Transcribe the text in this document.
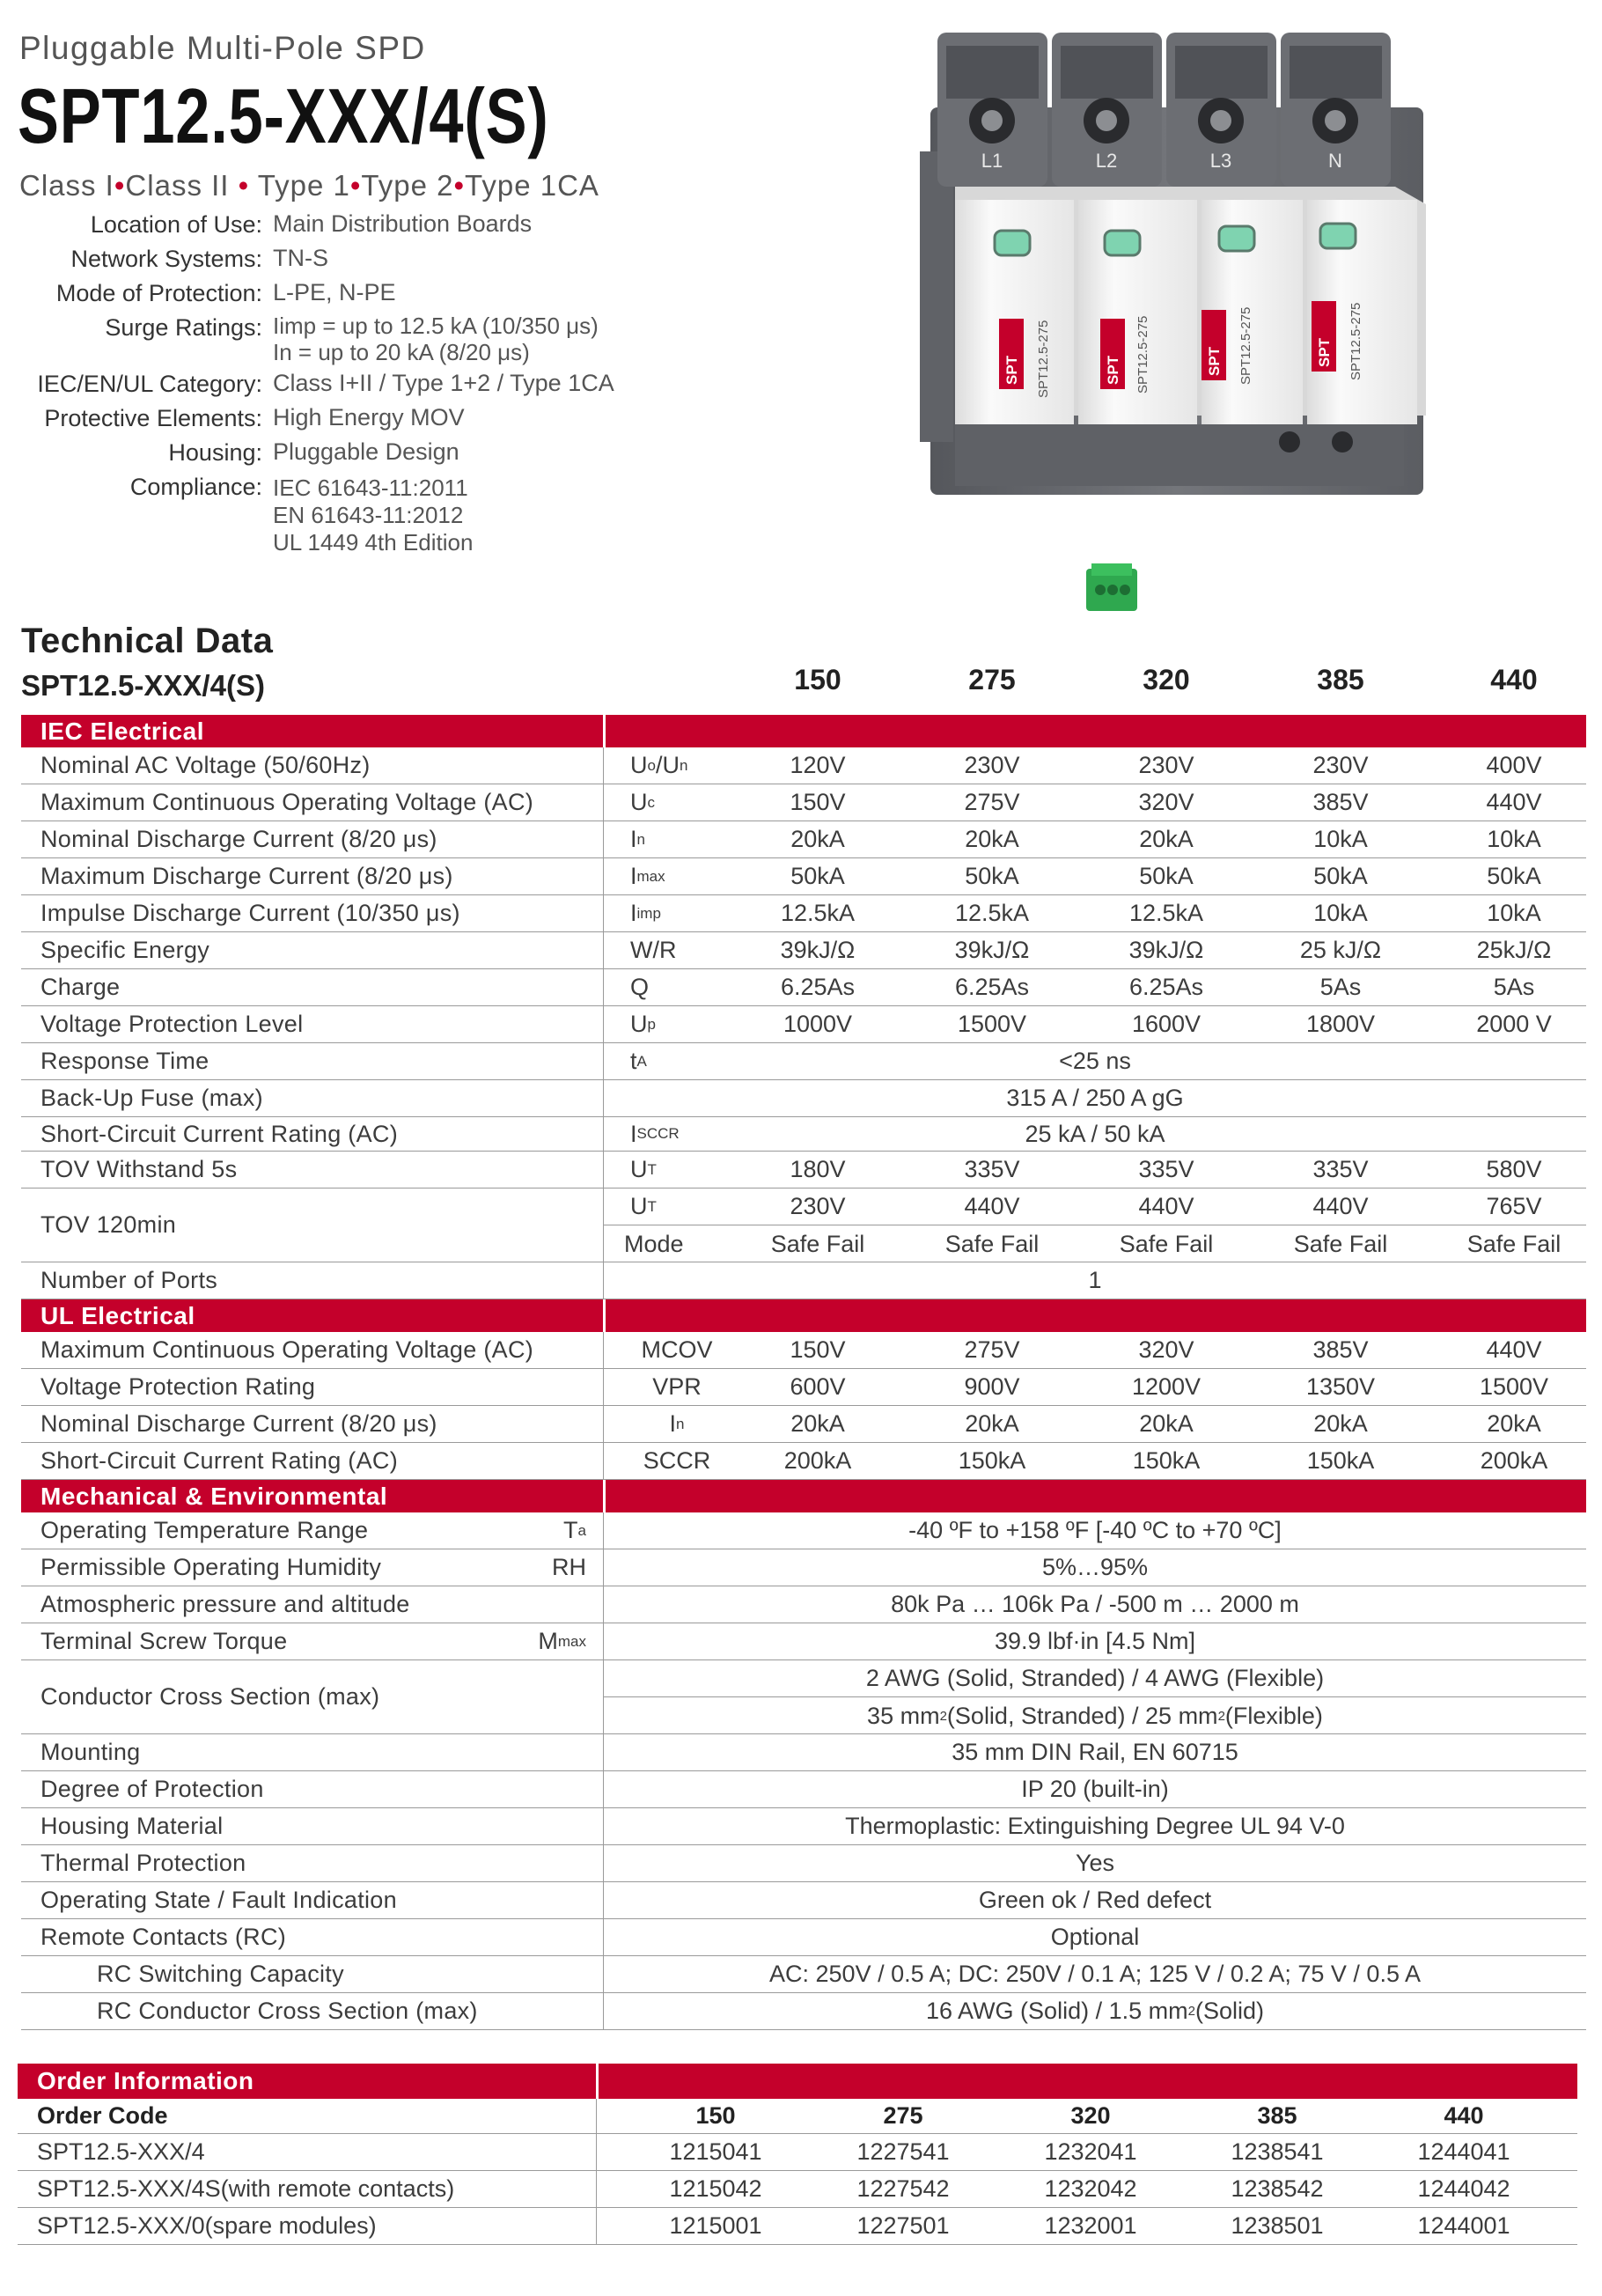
Pluggable Multi-Pole SPD
SPT12.5-XXX/4(S)
Class I•Class II • Type 1•Type 2•Type 1CA
Location of Use: Main Distribution Boards
Network Systems: TN-S
Mode of Protection: L-PE, N-PE
Surge Ratings: Iimp = up to 12.5 kA (10/350 μs)
In = up to 20 kA (8/20 μs)
IEC/EN/UL Category: Class I+II / Type 1+2 / Type 1CA
Protective Elements: High Energy MOV
Housing: Pluggable Design
Compliance: IEC 61643-11:2011
EN 61643-11:2012
UL 1449 4th Edition
L1	L2	L3	N
SPT12.5-275	SPT12.5-275	SPT12.5-275	SPT12.5-275
SPT	SPT	SPT	SPT
Technical Data
SPT12.5-XXX/4(S)	150	275	320	385	440
IEC Electrical
Nominal AC Voltage (50/60Hz)	U o /U n	120V	230V	230V	230V	400V
Maximum Continuous Operating Voltage (AC)	U c	150V	275V	320V	385V	440V
Nominal Discharge Current (8/20 μs)	I n	20kA	20kA	20kA	10kA	10kA
Maximum Discharge Current (8/20 μs)	I max	50kA	50kA	50kA	50kA	50kA
Impulse Discharge Current (10/350 μs)	I imp	12.5kA	12.5kA	12.5kA	10kA	10kA
Specific Energy	W/R	39kJ/Ω	39kJ/Ω	39kJ/Ω	25 kJ/Ω	25kJ/Ω
Charge	Q	6.25As	6.25As	6.25As	5As	5As
Voltage Protection Level	U p	1000V	1500V	1600V	1800V	2000 V
Response Time	t A	<25 ns
Back-Up Fuse (max)	315 A / 250 A gG
Short-Circuit Current Rating (AC)	I SCCR	25 kA / 50 kA
TOV Withstand 5s	U T	180V	335V	335V	335V	580V
TOV 120min
U T	230V	440V	440V	440V	765V
Mode	Safe Fail	Safe Fail	Safe Fail	Safe Fail	Safe Fail
Number of Ports	1
UL Electrical
Maximum Continuous Operating Voltage (AC)	MCOV	150V	275V	320V	385V	440V
Voltage Protection Rating	VPR	600V	900V	1200V	1350V	1500V
Nominal Discharge Current (8/20 μs)	I n	20kA	20kA	20kA	20kA	20kA
Short-Circuit Current Rating (AC)	SCCR	200kA	150kA	150kA	150kA	200kA
Mechanical & Environmental
Operating Temperature Range	T a	-40 ºF to +158 ºF [-40 ºC to +70 ºC]
Permissible Operating Humidity	RH	5%…95%
Atmospheric pressure and altitude	80k Pa … 106k Pa / -500 m … 2000 m
Terminal Screw Torque	M max	39.9 lbf·in [4.5 Nm]
Conductor Cross Section (max)
2 AWG (Solid, Stranded) / 4 AWG (Flexible)
35 mm 2 (Solid, Stranded) / 25 mm 2 (Flexible)
Mounting	35 mm DIN Rail, EN 60715
Degree of Protection	IP 20 (built-in)
Housing Material	Thermoplastic: Extinguishing Degree UL 94 V-0
Thermal Protection	Yes
Operating State / Fault Indication	Green ok / Red defect
Remote Contacts (RC)	Optional
RC Switching Capacity	AC: 250V / 0.5 A; DC: 250V / 0.1 A; 125 V / 0.2 A; 75 V / 0.5 A
RC Conductor Cross Section (max)	16 AWG (Solid) / 1.5 mm 2 (Solid)
Order Information
Order Code	150	275	320	385	440
SPT12.5-XXX/4	1215041	1227541	1232041	1238541	1244041
SPT12.5-XXX/4S(with remote contacts)	1215042	1227542	1232042	1238542	1244042
SPT12.5-XXX/0(spare modules)	1215001	1227501	1232001	1238501	1244001
